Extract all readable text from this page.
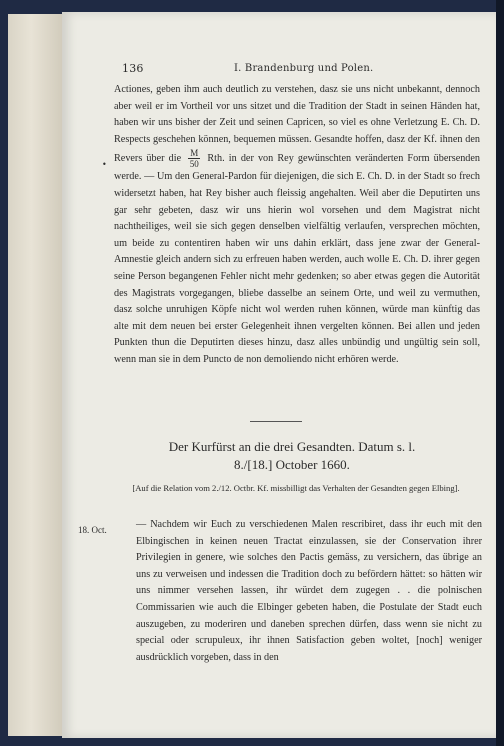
136	I. Brandenburg und Polen.
•

Actiones, geben ihm auch deutlich zu verstehen, dasz sie uns nicht unbekannt, dennoch aber weil er im Vortheil vor uns sitzet und die Tradition der Stadt in seinen Händen hat, haben wir uns bisher der Zeit und seinen Capricen, so viel es ohne Verletzung E. Ch. D. Respects geschehen können, bequemen müssen. Gesandte hoffen, dasz der Kf. ihnen den Revers über die $\frac{M}{50}$ Rth. in der von Rey gewünschten veränderten Form übersenden werde. — Um den General-Pardon für diejenigen, die sich E. Ch. D. in der Stadt so frech widersetzt haben, hat Rey bisher auch fleissig angehalten. Weil aber die Deputirten uns gar sehr gebeten, dasz wir uns hierin wol vorsehen und dem Magistrat nicht nachtheiliges, weil sie sich gegen denselben vielfältig verlaufen, versprechen möchten, um beide zu contentiren haben wir uns dahin erklärt, dass jene zwar der General-Amnestie gleich andern sich zu erfreuen haben werden, auch wolle E. Ch. D. ihrer gegen seine Person begangenen Fehler nicht mehr gedenken; so aber etwas gegen die Autorität des Magistrats vorgegangen, bliebe dasselbe an seinem Orte, und weil zu vermuthen, dasz solche unruhigen Köpfe nicht wol werden ruhen können, würde man künftig das alte mit dem neuen bei erster Gelegenheit ihnen vergelten können. Bei allen und jeden Punkten thun die Deputirten dieses hinzu, dasz alles unbündig und ungültig sein soll, wenn man sie in dem Puncto de non demoliendo nicht erhören werde.

Der Kurfürst an die drei Gesandten. Datum s. l.
8./[18.] October 1660.
[Auf die Relation vom 2./12. Octbr. Kf. missbilligt das Verhalten der Gesandten gegen Elbing].
18. Oct.	— Nachdem wir Euch zu verschiedenen Malen rescribiret, dass ihr euch mit den Elbingischen in keinen neuen Tractat einzulassen, sie der Conservation ihrer Privilegien in genere, wie solches den Pactis gemäss, zu versichern, das übrige an uns zu verweisen und indessen die Tradition doch zu befördern hättet: so hätten wir uns nimmer versehen lassen, ihr würdet dem zugegen . . die polnischen Commissarien wie auch die Elbinger gebeten haben, die Postulate der Stadt euch auszugeben, zu moderiren und daneben sprechen dürfen, dass wenn sie nicht zu special oder scrupuleux, ihr ihnen Satisfaction geben woltet, [noch] weniger ausdrücklich vorgeben, dass in den
